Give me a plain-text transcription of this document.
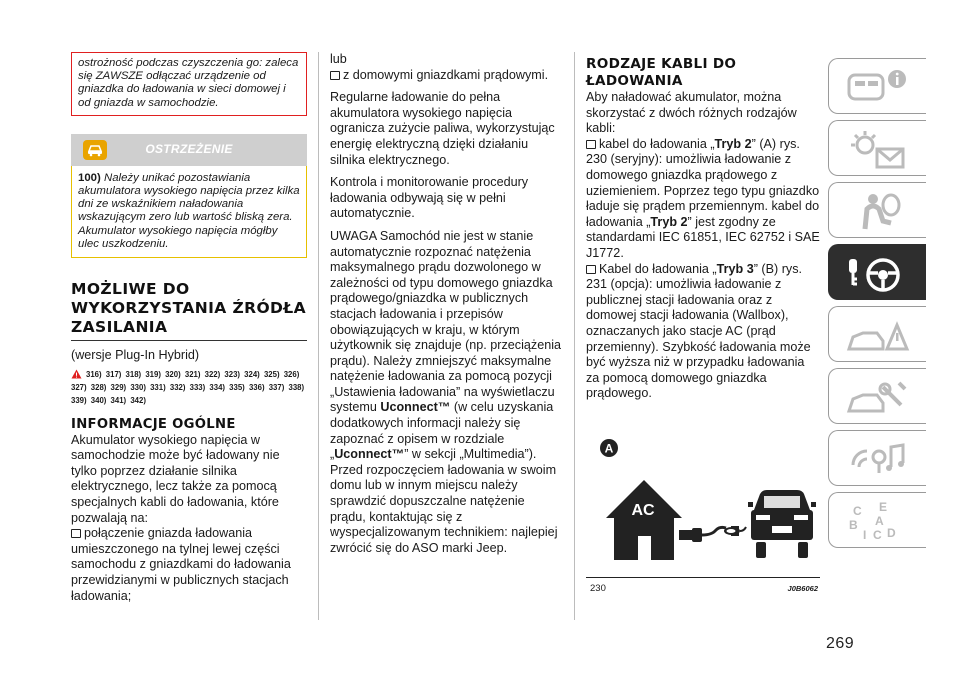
ostrożność podczas czyszczenia go: zaleca się ZAWSZE odłączać urządzenie od gniazdka do ładowania w sieci domowej i od gniazda w samochodzie.
OSTRZEŻENIE
100) Należy unikać pozostawiania akumulatora wysokiego napięcia przez kilka dni ze wskaźnikiem naładowania wskazującym zero lub wartość bliską zera. Akumulator wysokiego napięcia mógłby ulec uszkodzeniu.
MOŻLIWE DO WYKORZYSTANIA ŹRÓDŁA ZASILANIA
(wersje Plug-In Hybrid)
316) 317) 318) 319) 320) 321) 322) 323) 324) 325) 326) 327) 328) 329) 330) 331) 332) 333) 334) 335) 336) 337) 338) 339) 340) 341) 342)
INFORMACJE OGÓLNE
Akumulator wysokiego napięcia w samochodzie może być ładowany nie tylko poprzez działanie silnika elektrycznego, lecz także za pomocą specjalnych kabli do ładowania, które pozwalają na:
połączenie gniazda ładowania umieszczonego na tylnej lewej części samochodu z gniazdkami do ładowania przewidzianymi w publicznych stacjach ładowania;
lub
z domowymi gniazdkami prądowymi.
Regularne ładowanie do pełna akumulatora wysokiego napięcia ogranicza zużycie paliwa, wykorzystując energię elektryczną dzięki działaniu silnika elektrycznego.
Kontrola i monitorowanie procedury ładowania odbywają się w pełni automatycznie.
UWAGA Samochód nie jest w stanie automatycznie rozpoznać natężenia maksymalnego prądu dozwolonego w zależności od typu domowego gniazdka prądowego/gniazdka w publicznych stacjach ładowania i przepisów obowiązujących w kraju, w którym użytkownik się znajduje (np. przeciążenia prądu). Należy zmniejszyć maksymalne natężenie ładowania za pomocą pozycji „Ustawienia ładowania” na wyświetlaczu systemu Uconnect™ (w celu uzyskania dodatkowych informacji należy się zapoznać z opisem w rozdziale „Uconnect™” w sekcji „Multimedia”). Przed rozpoczęciem ładowania w swoim domu lub w innym miejscu należy sprawdzić dopuszczalne natężenie prądu, kontaktując się z wyspecjalizowanym technikiem: najlepiej zwrócić się do ASO marki Jeep.
RODZAJE KABLI DO ŁADOWANIA
Aby naładować akumulator, można skorzystać z dwóch różnych rodzajów kabli:
kabel do ładowania „Tryb 2” (A) rys. 230 (seryjny): umożliwia ładowanie z domowego gniazdka prądowego z uziemieniem. Poprzez tego typu gniazdko ładuje się prądem przemiennym. kabel do ładowania „Tryb 2” jest zgodny ze standardami IEC 61851, IEC 62752 i SAE J1772.
Kabel do ładowania „Tryb 3” (B) rys. 231 (opcja): umożliwia ładowanie z publicznej stacji ładowania oraz z domowej stacji ładowania (Wallbox), oznaczanych jako stacje AC (prąd przemienny). Szybkość ładowania może być wyższa niż w przypadku ładowania za pomocą domowego gniazdka prądowego.
A
AC
230	J0B6062
C E
B A
I C D
269
